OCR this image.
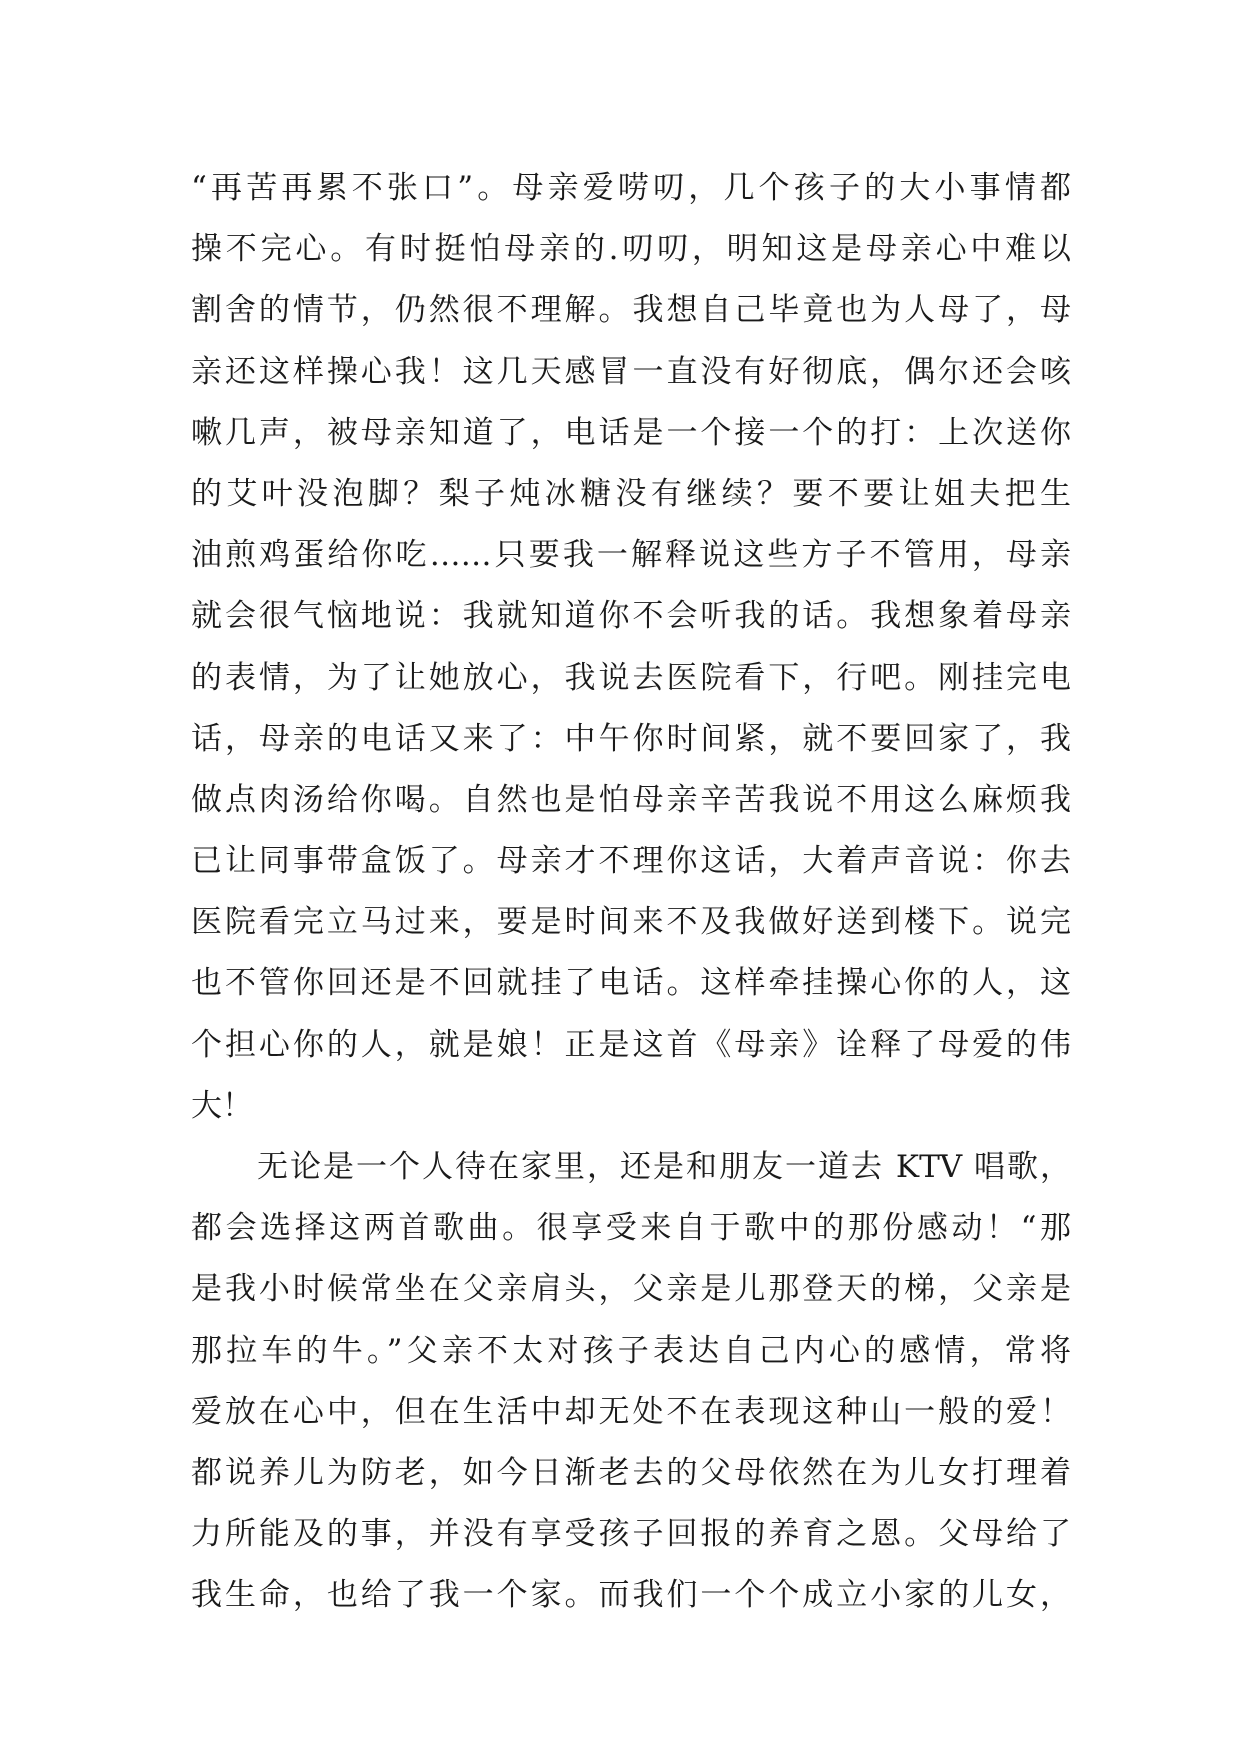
“再苦再累不张口”。母亲爱唠叨，几个孩子的大小事情都
操不完心。有时挺怕母亲的.叨叨，明知这是母亲心中难以
割舍的情节，仍然很不理解。我想自己毕竟也为人母了，母
亲还这样操心我！这几天感冒一直没有好彻底，偶尔还会咳
嗽几声，被母亲知道了，电话是一个接一个的打：上次送你
的艾叶没泡脚？梨子炖冰糖没有继续？要不要让姐夫把生
油煎鸡蛋给你吃……只要我一解释说这些方子不管用，母亲
就会很气恼地说：我就知道你不会听我的话。我想象着母亲
的表情，为了让她放心，我说去医院看下，行吧。刚挂完电
话，母亲的电话又来了：中午你时间紧，就不要回家了，我
做点肉汤给你喝。自然也是怕母亲辛苦我说不用这么麻烦我
已让同事带盒饭了。母亲才不理你这话，大着声音说：你去
医院看完立马过来，要是时间来不及我做好送到楼下。说完
也不管你回还是不回就挂了电话。这样牵挂操心你的人，这
个担心你的人，就是娘！正是这首《母亲》诠释了母爱的伟
大！
　　无论是一个人待在家里，还是和朋友一道去 KTV 唱歌，
都会选择这两首歌曲。很享受来自于歌中的那份感动！“那
是我小时候常坐在父亲肩头，父亲是儿那登天的梯，父亲是
那拉车的牛。”父亲不太对孩子表达自己内心的感情，常将
爱放在心中，但在生活中却无处不在表现这种山一般的爱！
都说养儿为防老，如今日渐老去的父母依然在为儿女打理着
力所能及的事，并没有享受孩子回报的养育之恩。父母给了
我生命，也给了我一个家。而我们一个个成立小家的儿女，
